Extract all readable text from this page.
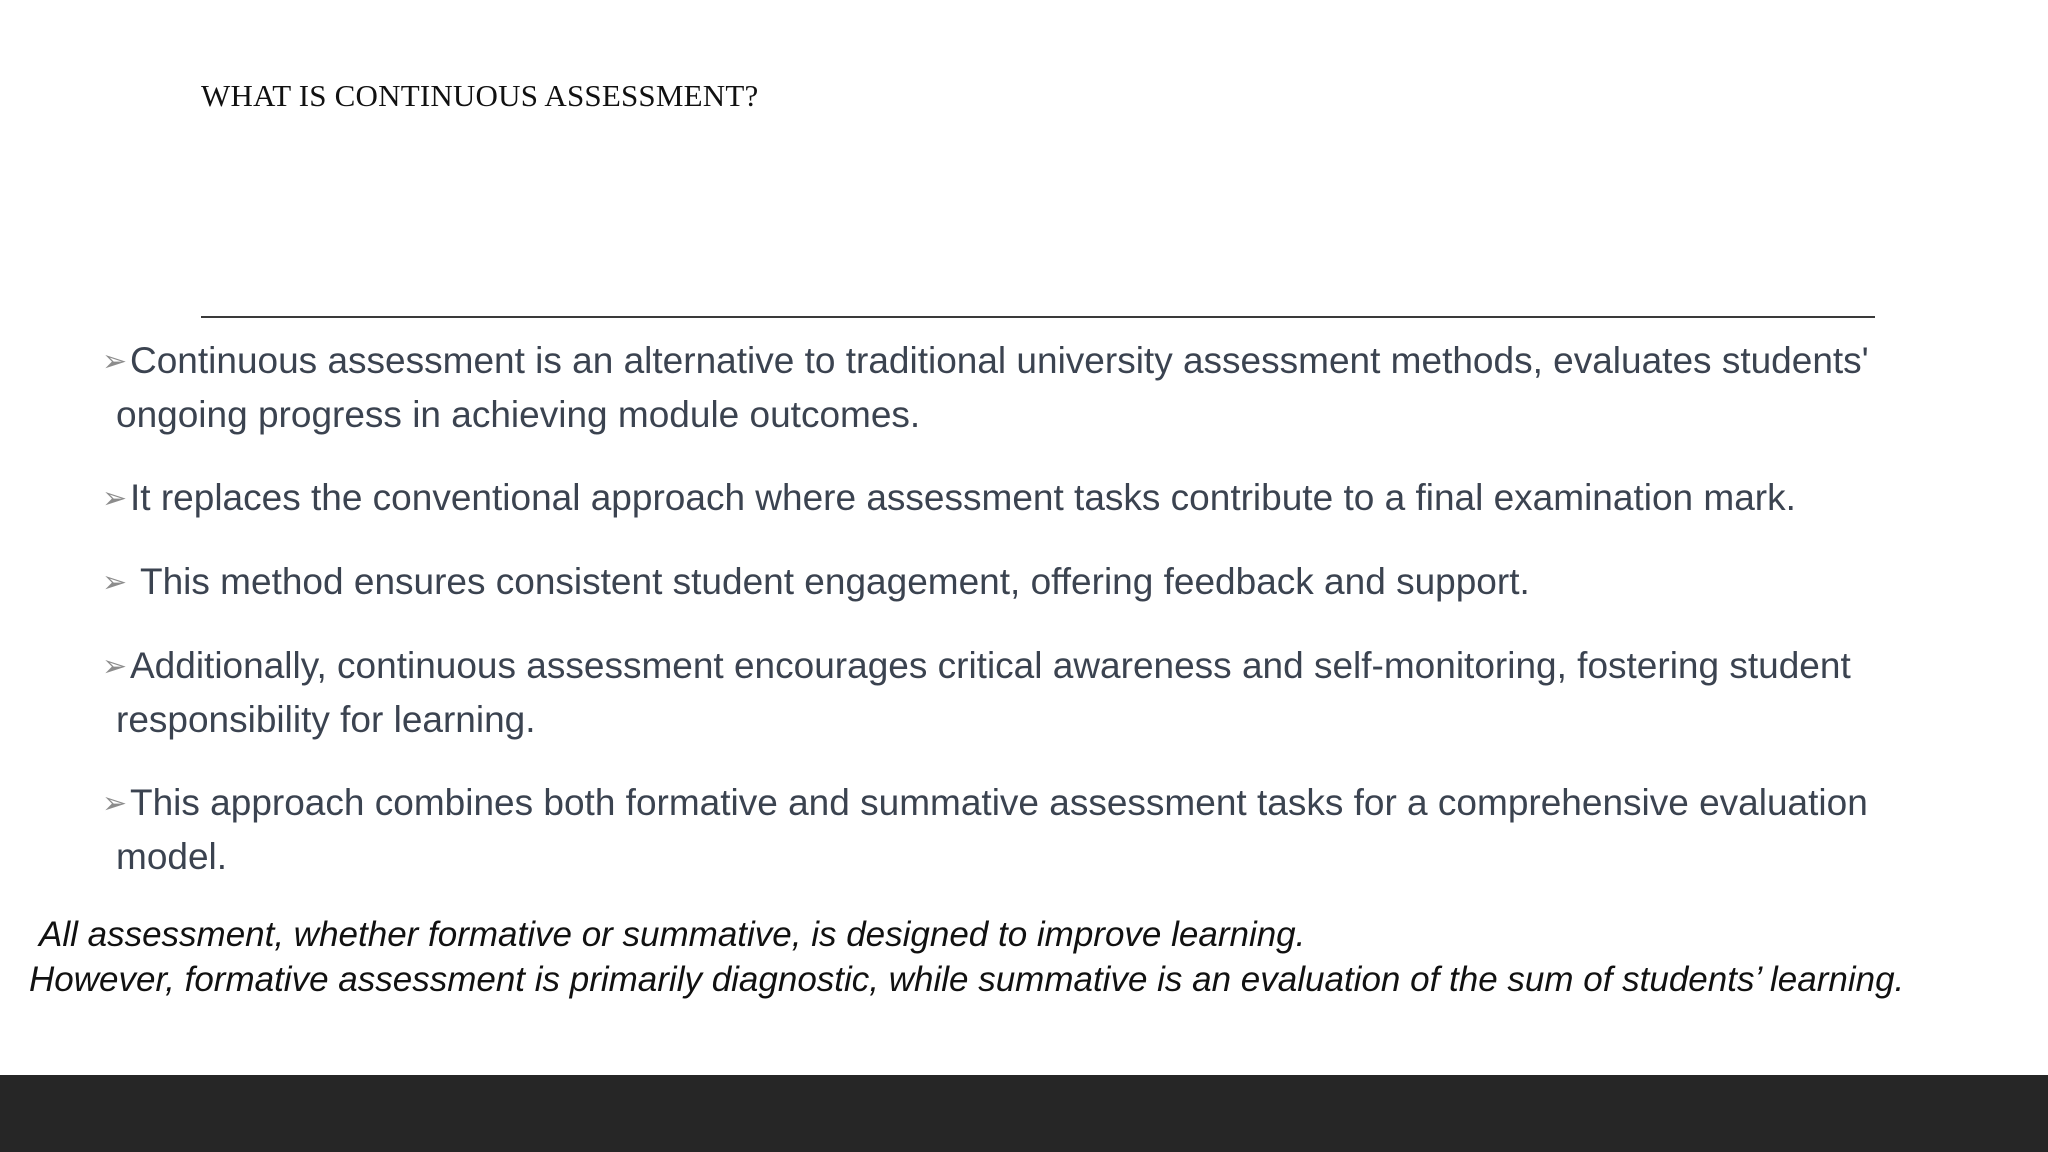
WHAT IS CONTINUOUS ASSESSMENT?
➢Continuous assessment is an alternative to traditional university assessment methods, evaluates students' ongoing progress in achieving module outcomes.
➢It replaces the conventional approach where assessment tasks contribute to a final examination mark.
➢ This method ensures consistent student engagement, offering feedback and support.
➢Additionally, continuous assessment encourages critical awareness and self-monitoring, fostering student responsibility for learning.
➢This approach combines both formative and summative assessment tasks for a comprehensive evaluation model.
All assessment, whether formative or summative, is designed to improve learning.
However, formative assessment is primarily diagnostic, while summative is an evaluation of the sum of students’ learning.
